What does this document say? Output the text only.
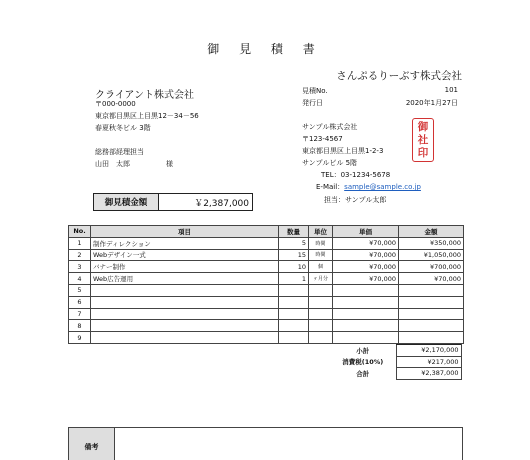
御 見 積 書
さんぷるりーぶす株式会社
クライアント株式会社
〒000-0000
東京都目黒区上目黒12－34－56
春夏秋冬ビル 3階
総務部経理担当
山田　太郎	様
見積No.	101
発行日	2020年1月27日
サンプル株式会社
〒123-4567
東京都目黒区上目黒1-2-3
サンプルビル 5階
TEL：03-1234-5678
E-Mail：sample@sample.co.jp
担当：サンプル太郎
御
社
印
御見積金額	￥2,387,000
No.	項目	数量	単位	単価	金額
1	制作ディレクション	5	時間	¥70,000	¥350,000
2	Webデザイン一式	15	時間	¥70,000	¥1,050,000
3	バナー制作	10	個	¥70,000	¥700,000
4	Web広告運用	1	ヶ月分	¥70,000	¥70,000
5					
6					
7					
8					
9					
	小計	¥2,170,000
	消費税(10%)	¥217,000
	合計	¥2,387,000
備考
